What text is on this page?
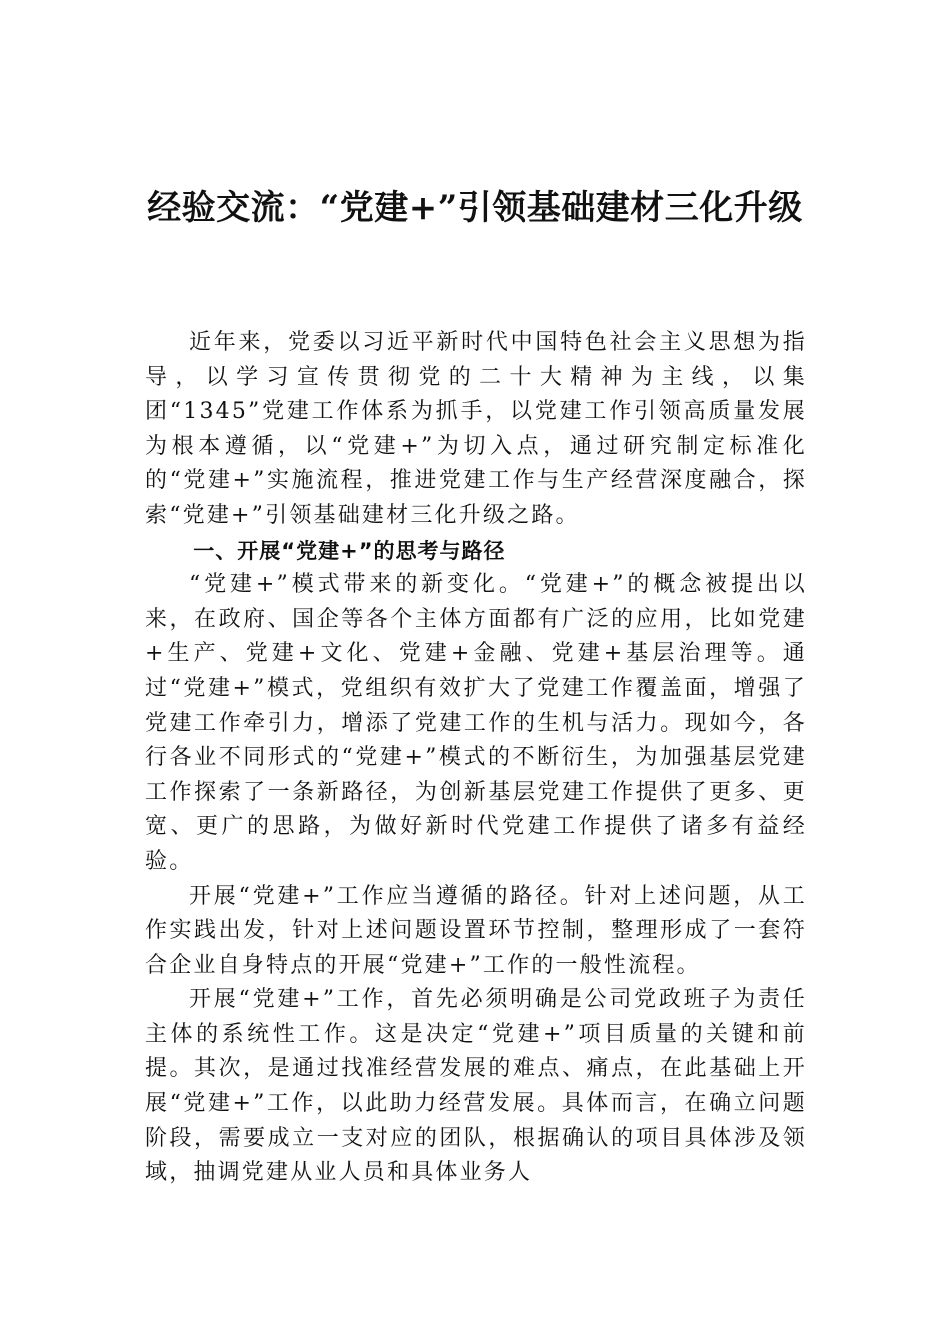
经验交流：“党建+”引领基础建材三化升级

近年来，党委以习近平新时代中国特色社会主义思想为指导，以学习宣传贯彻党的二十大精神为主线，以集团“1345”党建工作体系为抓手，以党建工作引领高质量发展为根本遵循，以“党建+”为切入点，通过研究制定标准化的“党建+”实施流程，推进党建工作与生产经营深度融合，探索“党建+”引领基础建材三化升级之路。

一、开展“党建+”的思考与路径

“党建+”模式带来的新变化。“党建+”的概念被提出以来，在政府、国企等各个主体方面都有广泛的应用，比如党建+生产、党建+文化、党建+金融、党建+基层治理等。通过“党建+”模式，党组织有效扩大了党建工作覆盖面，增强了党建工作牵引力，增添了党建工作的生机与活力。现如今，各行各业不同形式的“党建+”模式的不断衍生，为加强基层党建工作探索了一条新路径，为创新基层党建工作提供了更多、更宽、更广的思路，为做好新时代党建工作提供了诸多有益经验。

开展“党建+”工作应当遵循的路径。针对上述问题，从工作实践出发，针对上述问题设置环节控制，整理形成了一套符合企业自身特点的开展“党建+”工作的一般性流程。

开展“党建+”工作，首先必须明确是公司党政班子为责任主体的系统性工作。这是决定“党建+”项目质量的关键和前提。其次，是通过找准经营发展的难点、痛点，在此基础上开展“党建+”工作，以此助力经营发展。具体而言，在确立问题阶段，需要成立一支对应的团队，根据确认的项目具体涉及领域，抽调党建从业人员和具体业务人
